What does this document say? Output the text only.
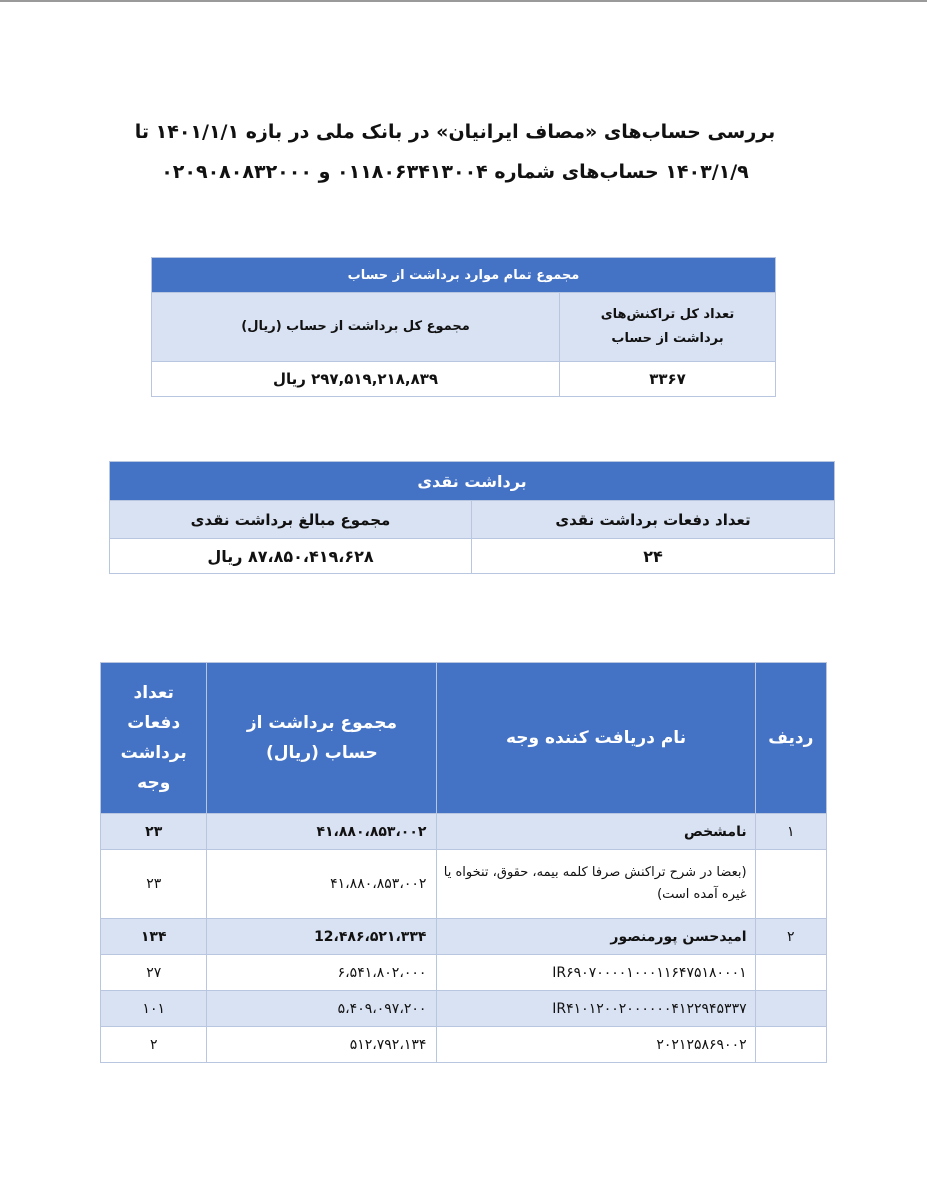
بررسی حساب‌های «مصاف ایرانیان» در بانک ملی در بازه ۱۴۰۱/۱/۱ تا ۱۴۰۳/۱/۹ حساب‌های شماره ۰۱۱۸۰۶۳۴۱۳۰۰۴ و ۰۲۰۹۰۸۰۸۳۲۰۰۰
مجموع تمام موارد برداشت از حساب	

تعداد کل تراکنش‌های برداشت از حساب	مجموع کل برداشت از حساب (ریال)
۳۳۶۷	۲۹۷,۵۱۹,۲۱۸,۸۳۹ ریال
برداشت نقدی	
تعداد دفعات برداشت نقدی	مجموع مبالغ برداشت نقدی
۲۴	۸۷،۸۵۰،۴۱۹،۶۲۸ ریال
ردیف	نام دریافت کننده وجه	مجموع برداشت از حساب (ریال)	تعداد دفعات برداشت وجه

۱	نامشخص	۴۱،۸۸۰،۸۵۳،۰۰۲	۲۳

	(بعضا در شرح تراکنش صرفا کلمه بیمه، حقوق، تنخواه یا غیره آمده است)	۴۱،۸۸۰،۸۵۳،۰۰۲	۲۳
۲	امیدحسن پورمنصور	12،۴۸۶،۵۲۱،۳۳۴	۱۳۴
	IR۶۹۰۷۰۰۰۰۱۰۰۰۱۱۶۴۷۵۱۸۰۰۰۱	۶،۵۴۱،۸۰۲،۰۰۰	۲۷
	IR۴۱۰۱۲۰۰۲۰۰۰۰۰۰۴۱۲۲۹۴۵۳۳۷	۵،۴۰۹،۰۹۷،۲۰۰	۱۰۱
	۲۰۲۱۲۵۸۶۹۰۰۲	۵۱۲،۷۹۲،۱۳۴	۲
